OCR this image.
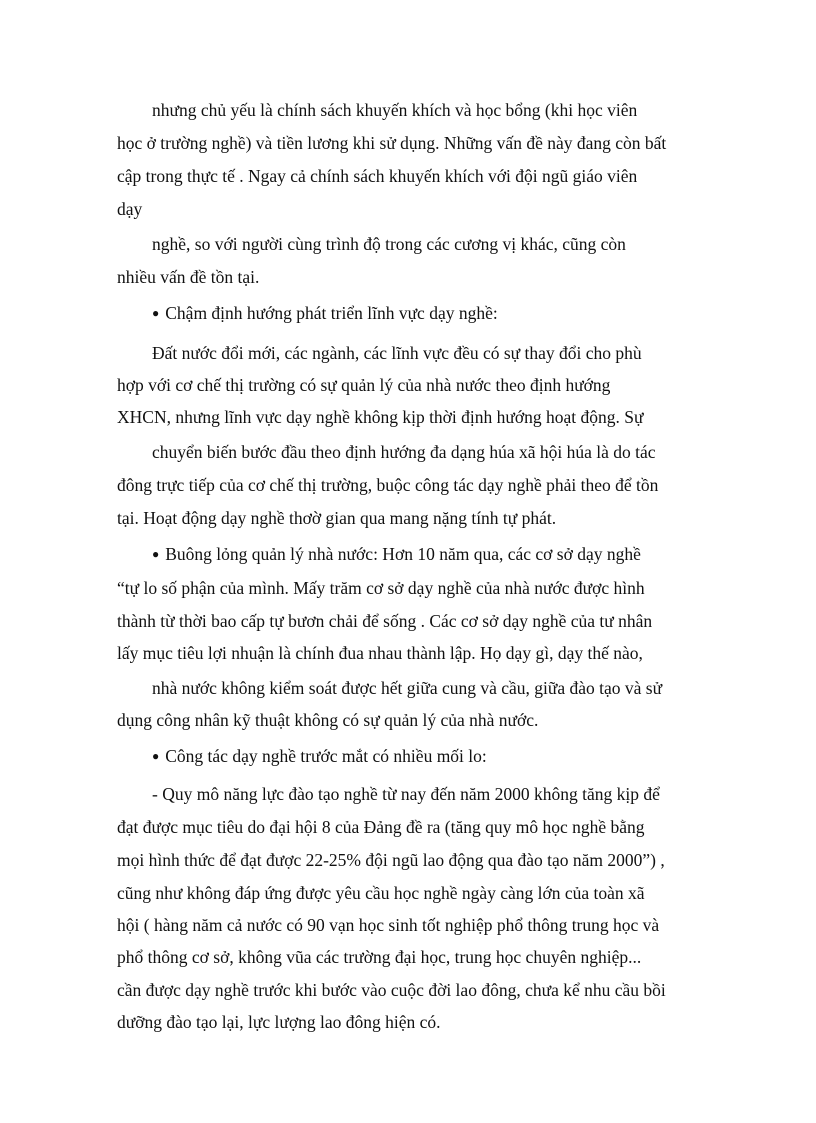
nhưng chủ yếu là chính sách khuyến khích và học bổng (khi học viên
học ở trường nghề) và tiền lương khi sử dụng. Những vấn đề này đang còn bất
cập trong thực tế . Ngay cả chính sách khuyến khích với đội ngũ giáo viên
dạy
nghề, so với người cùng trình độ trong các cương vị khác, cũng còn
nhiều vấn đề tồn tại.
● Chậm định hướng phát triển lĩnh vực dạy nghề:
Đất nước đổi mới, các ngành, các lĩnh vực đều có sự thay đổi cho phù
hợp với cơ chế thị trường có sự quản lý của nhà nước theo định hướng
XHCN, nhưng lĩnh vực dạy nghề không kịp thời định hướng hoạt động. Sự
chuyển biến bước đầu theo định hướng đa dạng húa xã hội húa là do tác
đông trực tiếp của cơ chế thị trường, buộc công tác dạy nghề phải theo để tồn
tại. Hoạt động dạy nghề thơờ gian qua mang nặng tính tự phát.
● Buông lỏng quản lý nhà nước: Hơn 10 năm qua, các cơ sở dạy nghề
“tự lo số phận của mình. Mấy trăm cơ sở dạy nghề của nhà nước được hình
thành từ thời bao cấp tự bươn chải để sống . Các cơ sở dạy nghề của tư nhân
lấy mục tiêu lợi nhuận là chính đua nhau thành lập. Họ dạy gì, dạy thế nào,
nhà nước không kiểm soát được hết giữa cung và cầu, giữa đào tạo và sử
dụng công nhân kỹ thuật không có sự quản lý của nhà nước.
● Công tác dạy nghề trước mắt có nhiều mối lo:
- Quy mô năng lực đào tạo nghề từ nay đến năm 2000 không tăng kịp để
đạt được mục tiêu do đại hội 8 của Đảng đề ra (tăng quy mô học nghề bằng
mọi hình thức để đạt được 22-25% đội ngũ lao động qua đào tạo năm 2000”) ,
cũng như không đáp ứng được yêu cầu học nghề ngày càng lớn của toàn xã
hội ( hàng năm cả nước có 90 vạn học sinh tốt nghiệp phổ thông trung học và
phổ thông cơ sở, không vũa các trường đại học, trung học chuyên nghiệp...
cần được dạy nghề trước khi bước vào cuộc đời lao đông, chưa kể nhu cầu bồi
dưỡng đào tạo lại, lực lượng lao đông hiện có.
